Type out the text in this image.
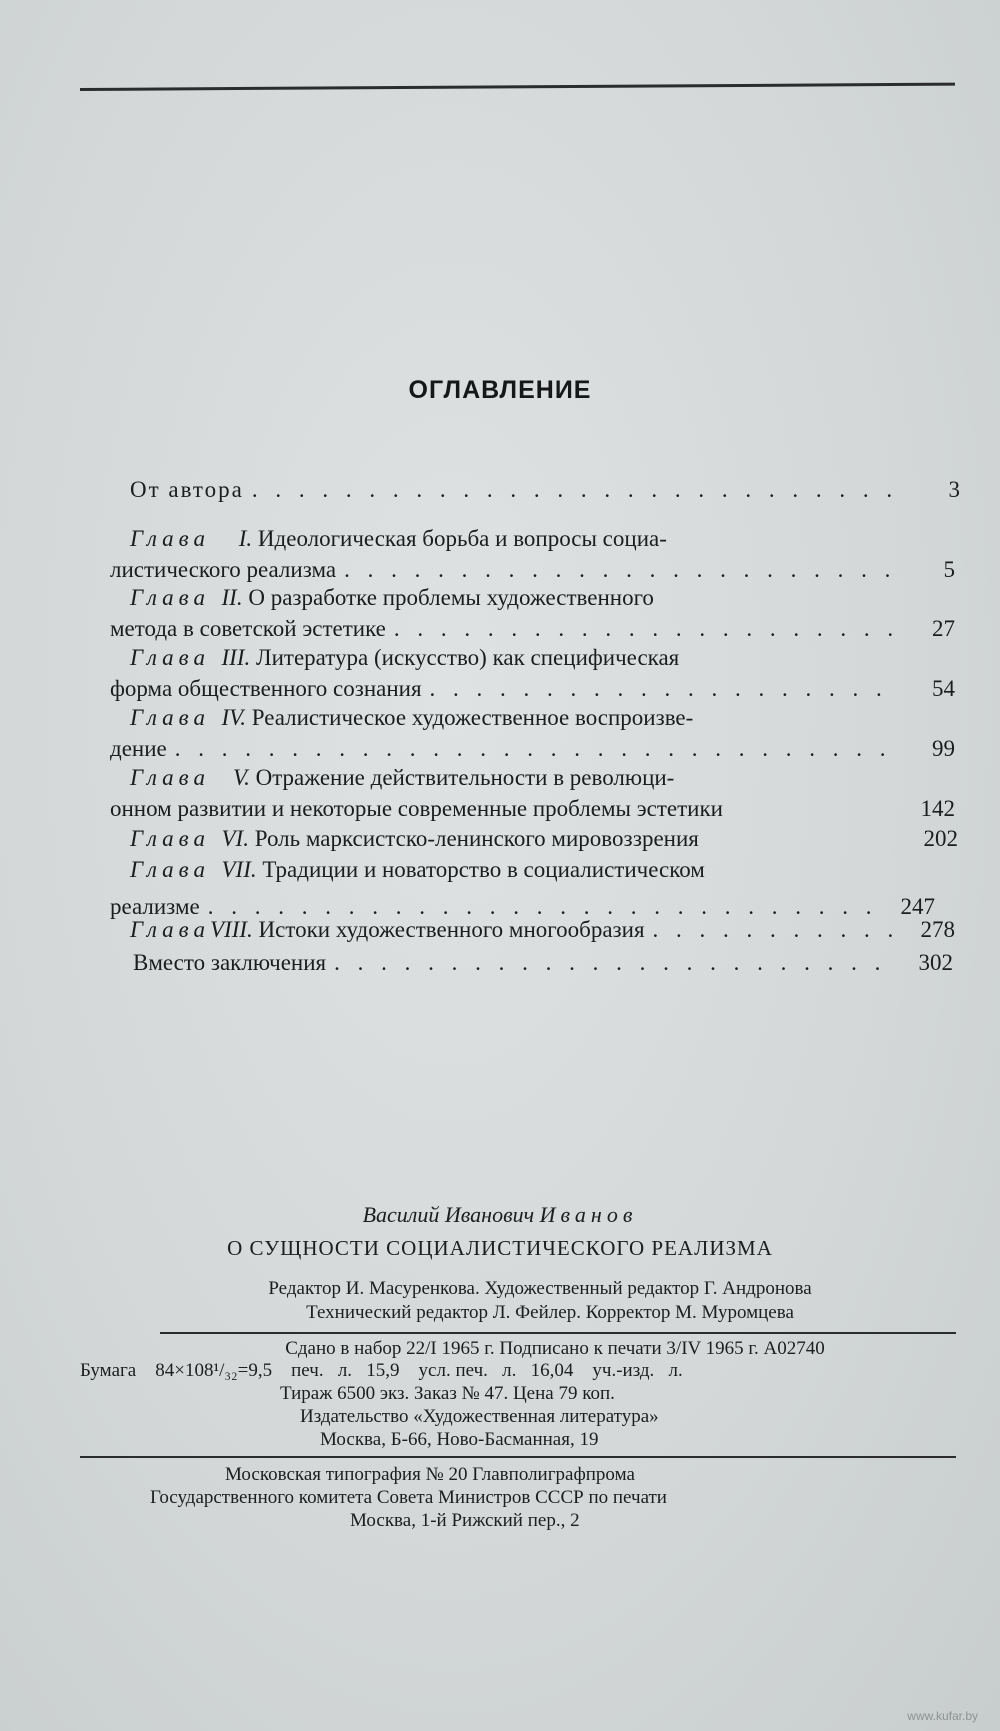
ОГЛАВЛЕНИЕ
От автора . . .	3
Глава
I.
Идеологическая борьба и вопросы социа-
листического реализма . . .	5
Глава
II.
О разработке проблемы художественного
метода в советской эстетике . . .	27
Глава
III.
Литература (искусство) как специфическая
форма общественного сознания . . .	54
Глава
IV.
Реалистическое художественное воспроизве-
дение . . .	99
Глава
V.
Отражение действительности в революци-
онном развитии и некоторые современные проблемы эстетики	142
Глава
VI.
Роль марксистско-ленинского мировоззрения	202
Глава
VII.
Традиции и новаторство в социалистическом
реализме . . .	247
Глава VIII.
Истоки художественного многообразия . . .	278
Вместо заключения . . .	302
Василий Иванович Иванов
О СУЩНОСТИ СОЦИАЛИСТИЧЕСКОГО РЕАЛИЗМА
Редактор И. Масуренкова. Художественный редактор Г. Андронова
Технический редактор Л. Фейлер. Корректор М. Муромцева
Сдано в набор 22/I 1965 г. Подписано к печати 3/IV 1965 г. А02740
Бумага    84×108¹/₃₂=9,5    печ.   л.   15,9    усл. печ.   л.   16,04    уч.-изд.   л.
Тираж 6500 экз. Заказ № 47. Цена 79 коп.
Издательство «Художественная литература»
Москва, Б-66, Ново-Басманная, 19
Московская типография № 20 Главполиграфпрома
Государственного комитета Совета Министров СССР по печати
Москва, 1-й Рижский пер., 2
www.kufar.by
